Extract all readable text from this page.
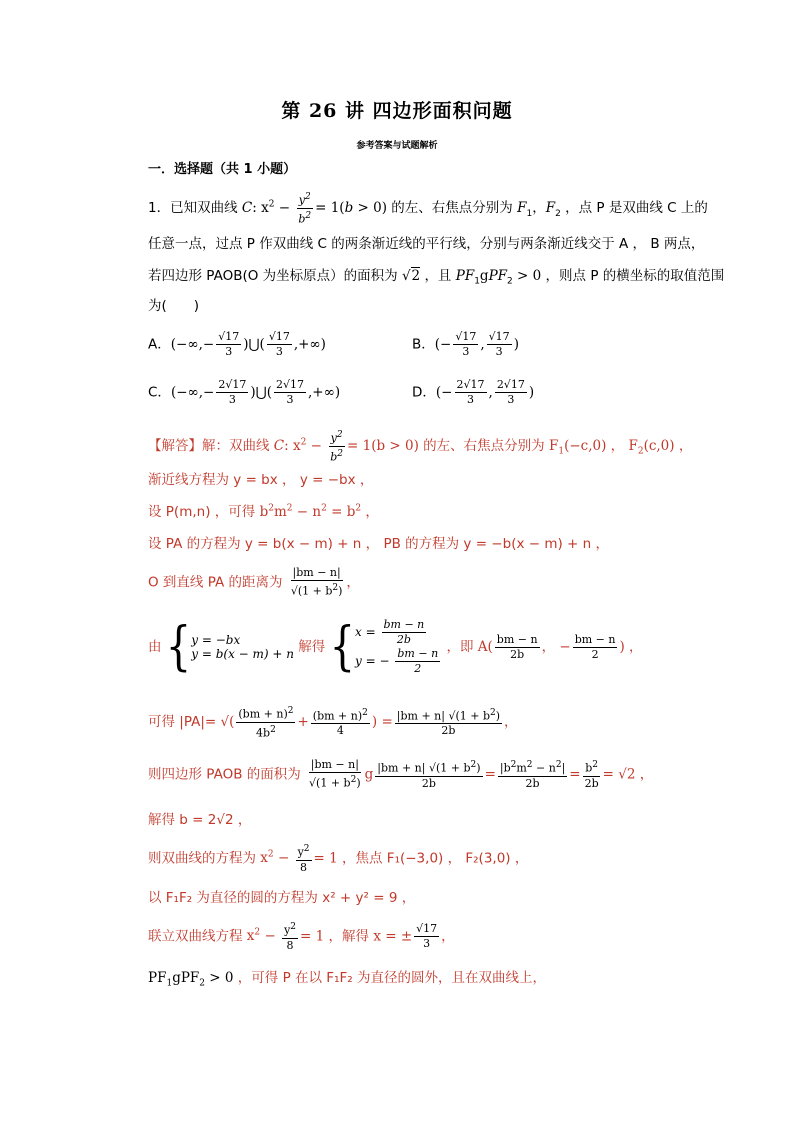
第 26 讲 四边形面积问题
参考答案与试题解析
一．选择题（共 1 小题）
1．已知双曲线 C: $x^2 - \frac{y^2}{b^2} = 1(b > 0)$ 的左、右焦点分别为 $F_1$，$F_2$ ，点 P 是双曲线 C 上的
任意一点，过点 P 作双曲线 C 的两条渐近线的平行线，分别与两条渐近线交于 A ， B 两点，
若四边形 PAOB(O 为坐标原点）的面积为 √2 ，且 $PF_1gPF_2 > 0$ ，则点 P 的横坐标的取值范围
为(　　)
A．(−∞,− $\frac{√17}{3}$ )⋃( $\frac{√17}{3}$ ,+∞)	B．(− $\frac{√17}{3}$ , $\frac{√17}{3}$ )
C．(−∞,− $\frac{2√17}{3}$ )⋃( $\frac{2√17}{3}$ ,+∞)	D．(− $\frac{2√17}{3}$ , $\frac{2√17}{3}$ )
【解答】解：双曲线 C: $x^2 - \frac{y^2}{b^2} = 1(b > 0)$ 的左、右焦点分别为 $F_1(-c,0)$ ， $F_2(c,0)$ ，
渐近线方程为 y = bx ， y = −bx ，
设 P(m,n) ，可得 $b^2m^2 - n^2 = b^2$ ，
设 PA 的方程为 y = b(x − m) + n ， PB 的方程为 y = −b(x − m) + n ，
O 到直线 PA 的距离为 $\frac{|bm - n|}{√(1 + b^2)}$ ，
由 { y = −bx
y = b(x − m) + n 解得 { $x = \frac{bm - n}{2b}$
y = − $\frac{bm - n}{2}$ ，即 $A( \frac{bm - n}{2b}$ ， − $\frac{bm - n}{2}$ ) ，
可得 |PA|= √( $\frac{(bm + n)^2}{4b^2} + \frac{(bm + n)^2}{4}$ ) = $\frac{|bm + n| √(1 + b^2)}{2b}$ ，
则四边形 PAOB 的面积为 $\frac{|bm - n|}{√(1 + b^2)}$ g $\frac{|bm + n| √(1 + b^2)}{2b} = \frac{|b^2m^2 - n^2|}{2b} = \frac{b^2}{2b} = √2$ ，
解得 b = 2√2 ，
则双曲线的方程为 $x^2 - \frac{y^2}{8} = 1$ ，焦点 F₁(−3,0) ， F₂(3,0) ，
以 F₁F₂ 为直径的圆的方程为 x² + y² = 9 ，
联立双曲线方程 $x^2 - \frac{y^2}{8} = 1$ ，解得 x = ± $\frac{√17}{3}$ ，
$PF_1gPF_2 > 0$ ，可得 P 在以 F₁F₂ 为直径的圆外，且在双曲线上，
